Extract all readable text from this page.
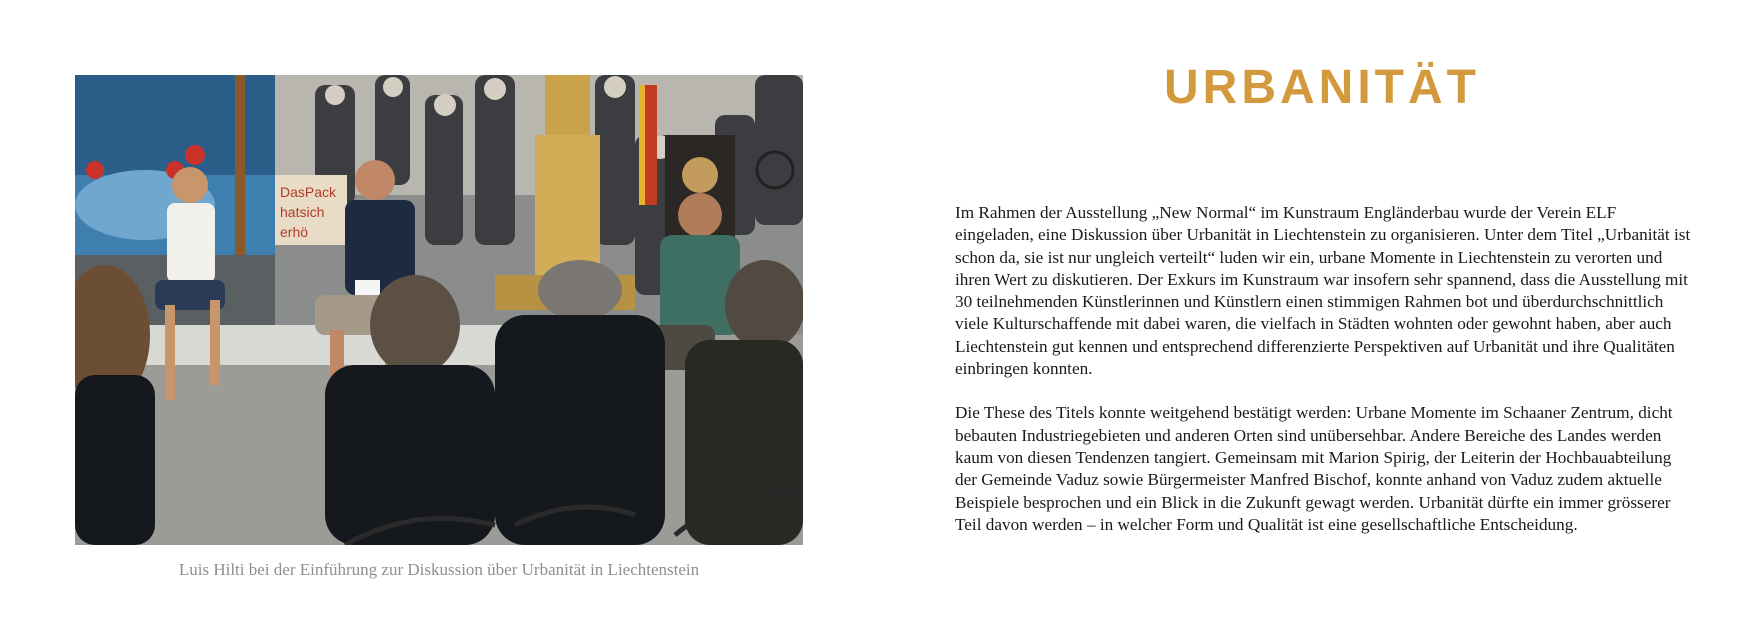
DasPack
hatsich
erhö
Luis Hilti bei der Einführung zur Diskussion über Urbanität in Liechtenstein
URBANITÄT

Im Rahmen der Ausstellung „New Normal“ im Kunstraum Engländerbau wurde der Verein ELF eingeladen, eine Diskussion über Urbanität in Liechtenstein zu organisieren. Unter dem Titel „Urbanität ist schon da, sie ist nur ungleich verteilt“ luden wir ein, urbane Momente in Liechtenstein zu verorten und ihren Wert zu diskutieren. Der Exkurs im Kunstraum war insofern sehr spannend, dass die Ausstellung mit 30 teilnehmenden Künstlerinnen und Künstlern einen stimmigen Rahmen bot und überdurchschnittlich viele Kulturschaffende mit dabei waren, die vielfach in Städten wohnten oder gewohnt haben, aber auch Liechtenstein gut kennen und entsprechend differenzierte Perspektiven auf Urbanität und ihre Qualitäten einbringen konnten.

Die These des Titels konnte weitgehend bestätigt werden: Urbane Momente im Schaaner Zentrum, dicht bebauten Industriegebieten und anderen Orten sind unübersehbar. Andere Bereiche des Landes werden kaum von diesen Tendenzen tangiert. Gemeinsam mit Marion Spirig, der Leiterin der Hochbauabteilung der Gemeinde Vaduz sowie Bürgermeister Manfred Bischof, konnte anhand von Vaduz zudem aktuelle Beispiele besprochen und ein Blick in die Zukunft gewagt werden. Urbanität dürfte ein immer grösserer Teil davon werden – in welcher Form und Qualität ist eine gesellschaftliche Entscheidung.
